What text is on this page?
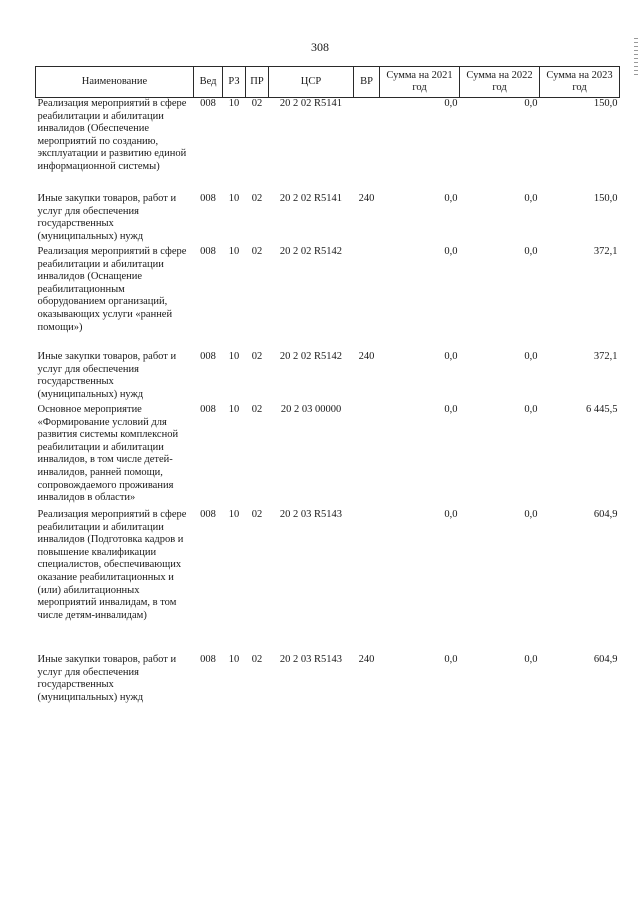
308
Наименование	Вед	РЗ	ПР	ЦСР	ВР	Сумма на 2021 год	Сумма на 2022 год	Сумма на 2023 год
Реализация мероприятий в сфере реабилитации и абилитации инвалидов (Обеспечение мероприятий по созданию, эксплуатации и развитию единой информационной системы)	008	10	02	20 2 02 R5141		0,0	0,0	150,0
Иные закупки товаров, работ и услуг для обеспечения государственных (муниципальных) нужд	008	10	02	20 2 02 R5141	240	0,0	0,0	150,0
Реализация мероприятий в сфере реабилитации и абилитации инвалидов (Оснащение реабилитационным оборудованием организаций, оказывающих услуги «ранней помощи»)	008	10	02	20 2 02 R5142		0,0	0,0	372,1
Иные закупки товаров, работ и услуг для обеспечения государственных (муниципальных) нужд	008	10	02	20 2 02 R5142	240	0,0	0,0	372,1
Основное мероприятие «Формирование условий для развития системы комплексной реабилитации и абилитации инвалидов, в том числе детей-инвалидов, ранней помощи, сопровождаемого проживания инвалидов в области»	008	10	02	20 2 03 00000		0,0	0,0	6 445,5
Реализация мероприятий в сфере реабилитации и абилитации инвалидов (Подготовка кадров и повышение квалификации специалистов, обеспечивающих оказание реабилитационных и (или) абилитационных мероприятий инвалидам, в том числе детям-инвалидам)	008	10	02	20 2 03 R5143		0,0	0,0	604,9
Иные закупки товаров, работ и услуг для обеспечения государственных (муниципальных) нужд	008	10	02	20 2 03 R5143	240	0,0	0,0	604,9
